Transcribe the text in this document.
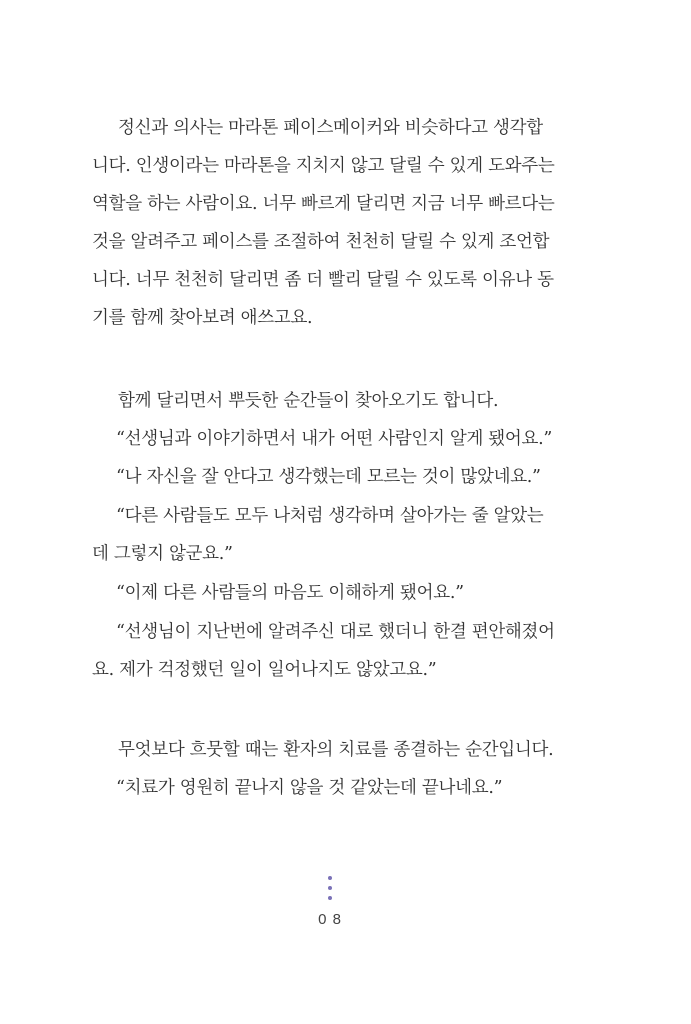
정신과 의사는 마라톤 페이스메이커와 비슷하다고 생각합
니다. 인생이라는 마라톤을 지치지 않고 달릴 수 있게 도와주는
역할을 하는 사람이요. 너무 빠르게 달리면 지금 너무 빠르다는
것을 알려주고 페이스를 조절하여 천천히 달릴 수 있게 조언합
니다. 너무 천천히 달리면 좀 더 빨리 달릴 수 있도록 이유나 동
기를 함께 찾아보려 애쓰고요.
함께 달리면서 뿌듯한 순간들이 찾아오기도 합니다.
“선생님과 이야기하면서 내가 어떤 사람인지 알게 됐어요.”
“나 자신을 잘 안다고 생각했는데 모르는 것이 많았네요.”
“다른 사람들도 모두 나처럼 생각하며 살아가는 줄 알았는
데 그렇지 않군요.”
“이제 다른 사람들의 마음도 이해하게 됐어요.”
“선생님이 지난번에 알려주신 대로 했더니 한결 편안해졌어
요. 제가 걱정했던 일이 일어나지도 않았고요.”
무엇보다 흐뭇할 때는 환자의 치료를 종결하는 순간입니다.
“치료가 영원히 끝나지 않을 것 같았는데 끝나네요.”
0 8
